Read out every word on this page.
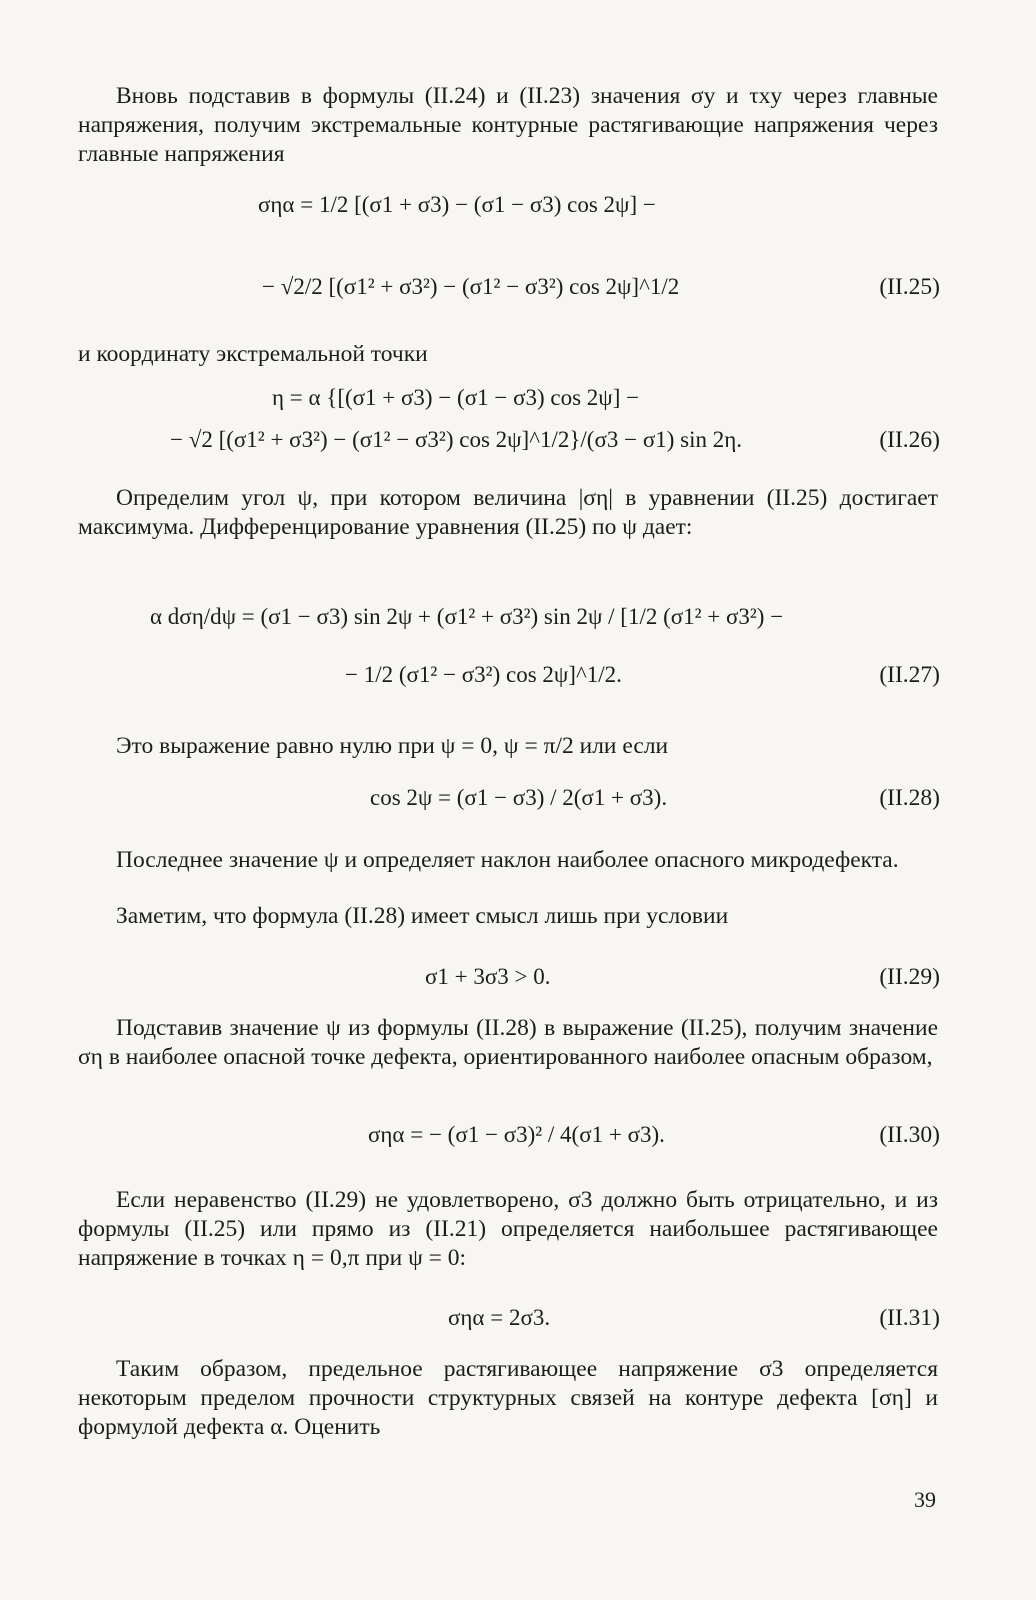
Вновь подставив в формулы (II.24) и (II.23) значения σy и τxy через главные напряжения, получим экстремальные контурные растягивающие напряжения через главные напряжения

σηα = 1/2 [(σ1 + σ3) − (σ1 − σ3) cos 2ψ] −
− √2/2 [(σ1² + σ3²) − (σ1² − σ3²) cos 2ψ]^1/2	(II.25)

и координату экстремальной точки

η = α {[(σ1 + σ3) − (σ1 − σ3) cos 2ψ] −
− √2 [(σ1² + σ3²) − (σ1² − σ3²) cos 2ψ]^1/2}/(σ3 − σ1) sin 2η.	(II.26)

Определим угол ψ, при котором величина |ση| в уравнении (II.25) достигает максимума. Дифференцирование уравнения (II.25) по ψ дает:

α dση/dψ = (σ1 − σ3) sin 2ψ + (σ1² + σ3²) sin 2ψ / [1/2 (σ1² + σ3²) −
− 1/2 (σ1² − σ3²) cos 2ψ]^1/2.	(II.27)

Это выражение равно нулю при ψ = 0, ψ = π/2 или если

cos 2ψ = (σ1 − σ3) / 2(σ1 + σ3).	(II.28)

Последнее значение ψ и определяет наклон наиболее опасного микродефекта.

Заметим, что формула (II.28) имеет смысл лишь при условии

σ1 + 3σ3 > 0.	(II.29)

Подставив значение ψ из формулы (II.28) в выражение (II.25), получим значение ση в наиболее опасной точке дефекта, ориентированного наиболее опасным образом,

σηα = − (σ1 − σ3)² / 4(σ1 + σ3).	(II.30)

Если неравенство (II.29) не удовлетворено, σ3 должно быть отрицательно, и из формулы (II.25) или прямо из (II.21) определяется наибольшее растягивающее напряжение в точках η = 0,π при ψ = 0:

σηα = 2σ3.	(II.31)

Таким образом, предельное растягивающее напряжение σ3 определяется некоторым пределом прочности структурных связей на контуре дефекта [ση] и формулой дефекта α. Оценить

39
